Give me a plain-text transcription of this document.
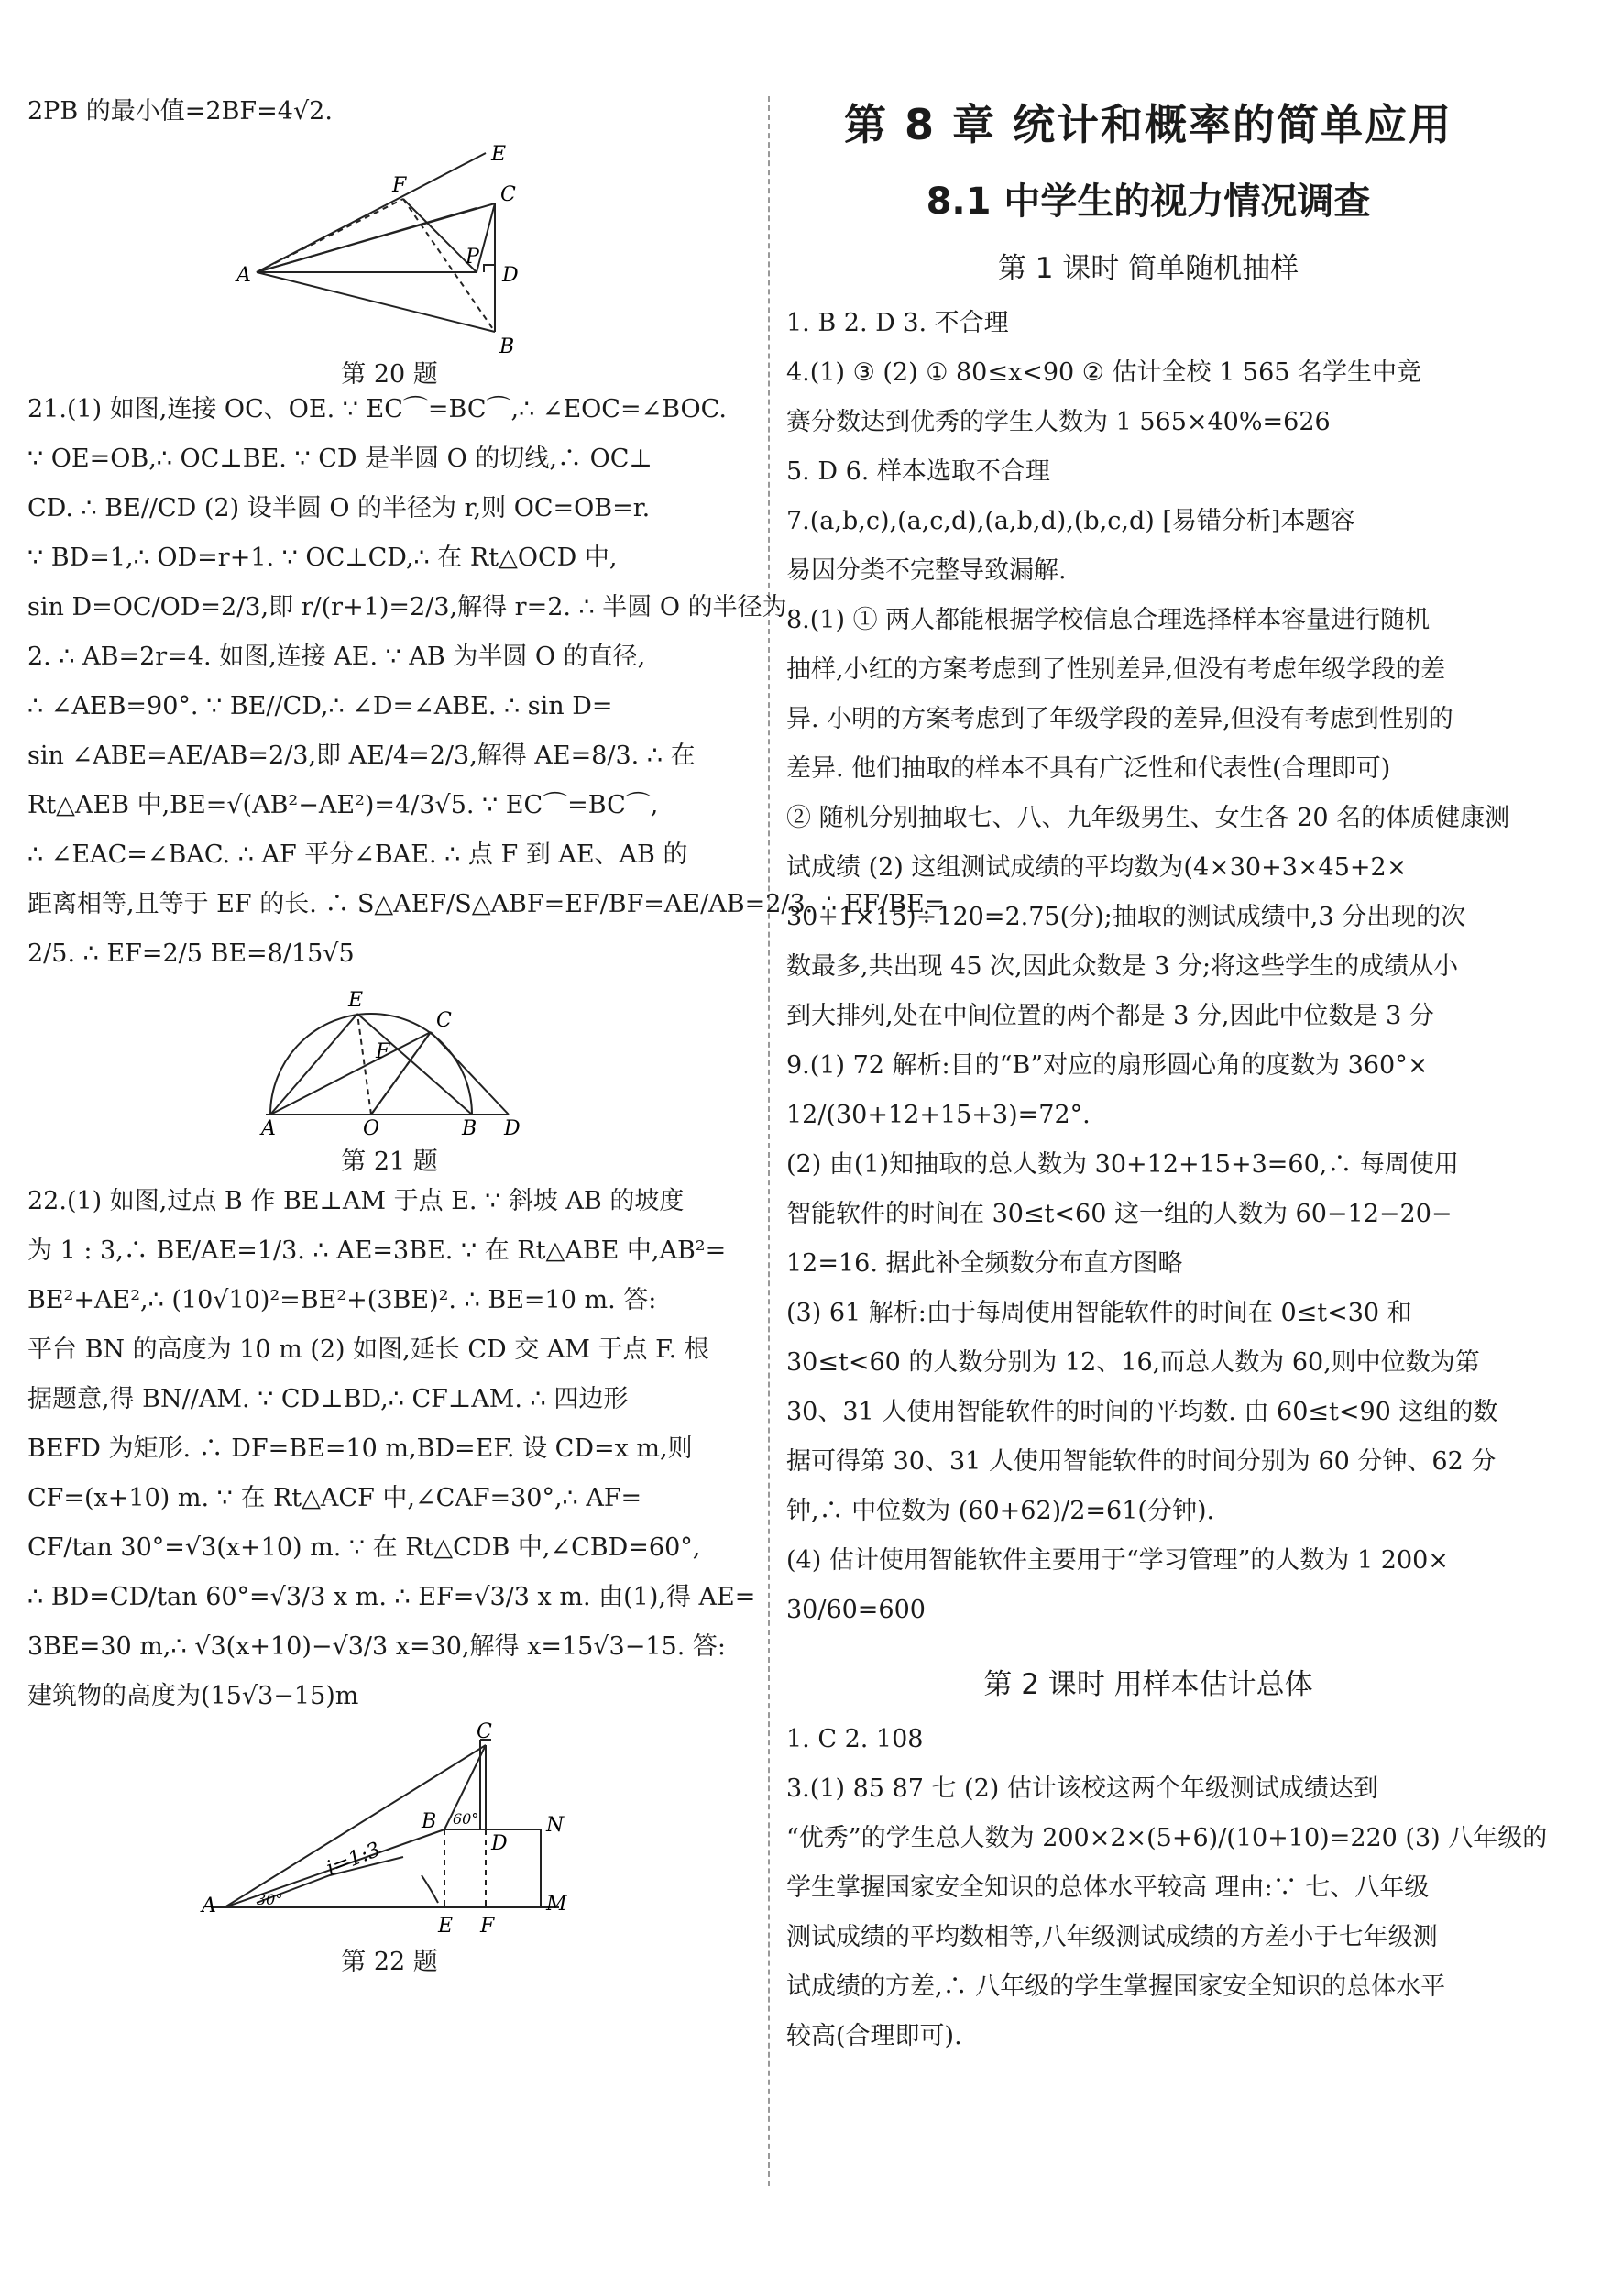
2PB 的最小值=2BF=4√2.

A
B
C
D
E
F
P

第 20 题

21.(1) 如图,连接 OC、OE. ∵ EC⌒=BC⌒,∴ ∠EOC=∠BOC.

∵ OE=OB,∴ OC⊥BE. ∵ CD 是半圆 O 的切线,∴ OC⊥

CD. ∴ BE//CD (2) 设半圆 O 的半径为 r,则 OC=OB=r.

∵ BD=1,∴ OD=r+1. ∵ OC⊥CD,∴ 在 Rt△OCD 中,

sin D=OC/OD=2/3,即 r/(r+1)=2/3,解得 r=2. ∴ 半圆 O 的半径为

2. ∴ AB=2r=4. 如图,连接 AE. ∵ AB 为半圆 O 的直径,

∴ ∠AEB=90°. ∵ BE//CD,∴ ∠D=∠ABE. ∴ sin D=

sin ∠ABE=AE/AB=2/3,即 AE/4=2/3,解得 AE=8/3. ∴ 在

Rt△AEB 中,BE=√(AB²−AE²)=4/3√5. ∵ EC⌒=BC⌒,

∴ ∠EAC=∠BAC. ∴ AF 平分∠BAE. ∴ 点 F 到 AE、AB 的

距离相等,且等于 EF 的长. ∴ S△AEF/S△ABF=EF/BF=AE/AB=2/3. ∴ EF/BE=

2/5. ∴ EF=2/5 BE=8/15√5

A	O	B D
E
F
C

第 21 题

22.(1) 如图,过点 B 作 BE⊥AM 于点 E. ∵ 斜坡 AB 的坡度

为 1 : 3,∴ BE/AE=1/3. ∴ AE=3BE. ∵ 在 Rt△ABE 中,AB²=

BE²+AE²,∴ (10√10)²=BE²+(3BE)². ∴ BE=10 m. 答:

平台 BN 的高度为 10 m (2) 如图,延长 CD 交 AM 于点 F. 根

据题意,得 BN//AM. ∵ CD⊥BD,∴ CF⊥AM. ∴ 四边形

BEFD 为矩形. ∴ DF=BE=10 m,BD=EF. 设 CD=x m,则

CF=(x+10) m. ∵ 在 Rt△ACF 中,∠CAF=30°,∴ AF=

CF/tan 30°=√3(x+10) m. ∵ 在 Rt△CDB 中,∠CBD=60°,

∴ BD=CD/tan 60°=√3/3 x m. ∴ EF=√3/3 x m. 由(1),得 AE=

3BE=30 m,∴ √3(x+10)−√3/3 x=30,解得 x=15√3−15. 答:

建筑物的高度为(15√3−15)m

A
B
C
D
E F
M
N
i=1:3
30°
60°

第 22 题

第 8 章 统计和概率的简单应用
8.1 中学生的视力情况调查
第 1 课时 简单随机抽样

1. B 2. D 3. 不合理

4.(1) ③ (2) ① 80≤x<90 ② 估计全校 1 565 名学生中竞

赛分数达到优秀的学生人数为 1 565×40%=626

5. D 6. 样本选取不合理

7.(a,b,c),(a,c,d),(a,b,d),(b,c,d) [易错分析]本题容

易因分类不完整导致漏解.

8.(1) ① 两人都能根据学校信息合理选择样本容量进行随机

抽样,小红的方案考虑到了性别差异,但没有考虑年级学段的差

异. 小明的方案考虑到了年级学段的差异,但没有考虑到性别的

差异. 他们抽取的样本不具有广泛性和代表性(合理即可)

② 随机分别抽取七、八、九年级男生、女生各 20 名的体质健康测

试成绩 (2) 这组测试成绩的平均数为(4×30+3×45+2×

30+1×15)÷120=2.75(分);抽取的测试成绩中,3 分出现的次

数最多,共出现 45 次,因此众数是 3 分;将这些学生的成绩从小

到大排列,处在中间位置的两个都是 3 分,因此中位数是 3 分

9.(1) 72 解析:目的“B”对应的扇形圆心角的度数为 360°×

12/(30+12+15+3)=72°.

(2) 由(1)知抽取的总人数为 30+12+15+3=60,∴ 每周使用

智能软件的时间在 30≤t<60 这一组的人数为 60−12−20−

12=16. 据此补全频数分布直方图略

(3) 61 解析:由于每周使用智能软件的时间在 0≤t<30 和

30≤t<60 的人数分别为 12、16,而总人数为 60,则中位数为第

30、31 人使用智能软件的时间的平均数. 由 60≤t<90 这组的数

据可得第 30、31 人使用智能软件的时间分别为 60 分钟、62 分

钟,∴ 中位数为 (60+62)/2=61(分钟).

(4) 估计使用智能软件主要用于“学习管理”的人数为 1 200×

30/60=600

第 2 课时 用样本估计总体

1. C 2. 108

3.(1) 85 87 七 (2) 估计该校这两个年级测试成绩达到

“优秀”的学生总人数为 200×2×(5+6)/(10+10)=220 (3) 八年级的

学生掌握国家安全知识的总体水平较高 理由:∵ 七、八年级

测试成绩的平均数相等,八年级测试成绩的方差小于七年级测

试成绩的方差,∴ 八年级的学生掌握国家安全知识的总体水平

较高(合理即可).
